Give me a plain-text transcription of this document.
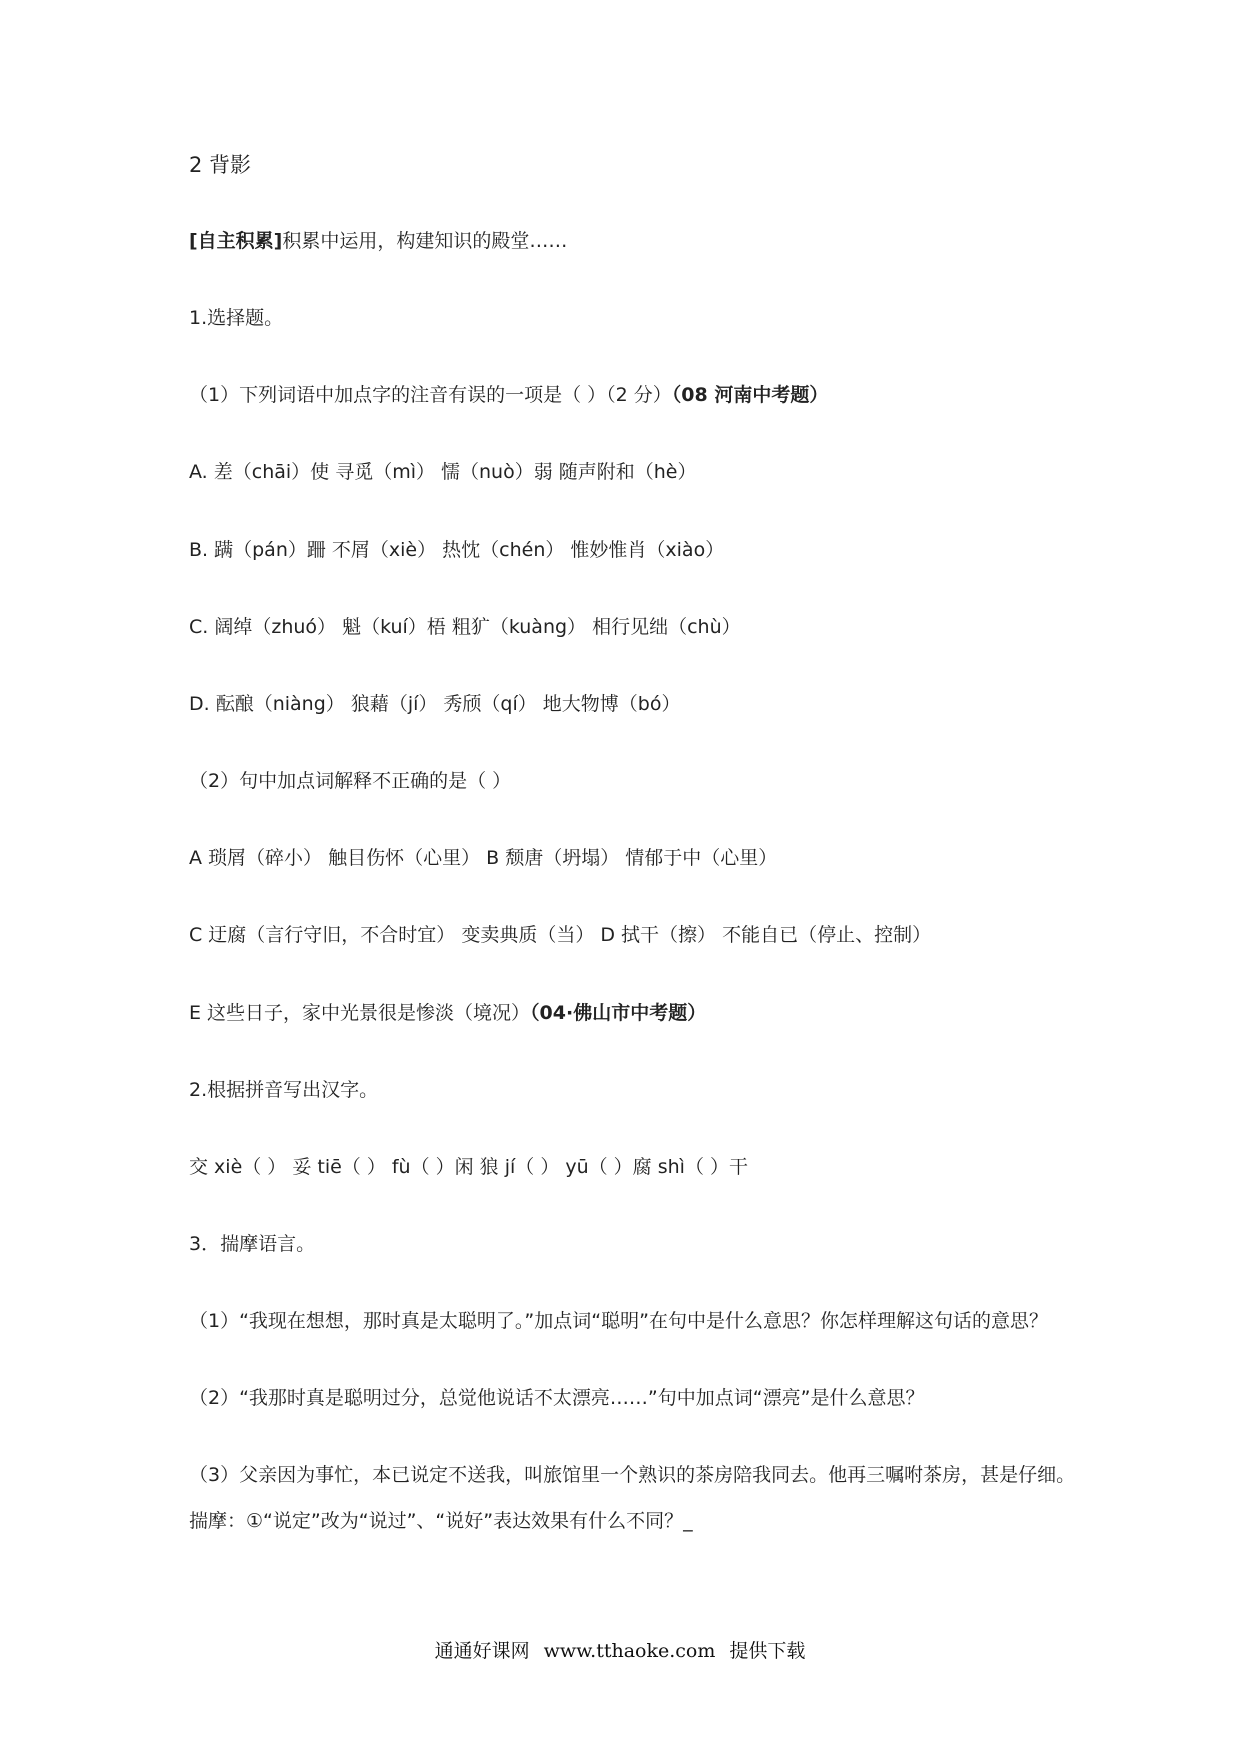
2 背影
[自主积累]积累中运用，构建知识的殿堂……
1.选择题。
（1）下列词语中加点字的注音有误的一项是（ ）（2 分）（08 河南中考题）
A. 差（chāi）使 寻觅（mì） 懦（nuò）弱 随声附和（hè）
B. 蹒（pán）跚 不屑（xiè） 热忱（chén） 惟妙惟肖（xiào）
C. 阔绰（zhuó） 魁（kuí）梧 粗犷（kuàng） 相行见绌（chù）
D. 酝酿（niàng） 狼藉（jí） 秀颀（qí） 地大物博（bó）
（2）句中加点词解释不正确的是（ ）
A 琐屑（碎小） 触目伤怀（心里） B 颓唐（坍塌） 情郁于中（心里）
C 迂腐（言行守旧，不合时宜） 变卖典质（当） D 拭干（擦） 不能自已（停止、控制）
E 这些日子，家中光景很是惨淡（境况）（04·佛山市中考题）
2.根据拼音写出汉字。
交 xiè（ ） 妥 tiē（ ） fù（ ）闲 狼 jí（ ） yū（ ）腐 shì（ ）干
3．揣摩语言。
（1）“我现在想想，那时真是太聪明了。”加点词“聪明”在句中是什么意思？你怎样理解这句话的意思？
（2）“我那时真是聪明过分，总觉他说话不太漂亮……”句中加点词“漂亮”是什么意思？
（3）父亲因为事忙，本已说定不送我，叫旅馆里一个熟识的茶房陪我同去。他再三嘱咐茶房，甚是仔细。
揣摩：①“说定”改为“说过”、“说好”表达效果有什么不同？_
通通好课网 www.tthaoke.com 提供下载
